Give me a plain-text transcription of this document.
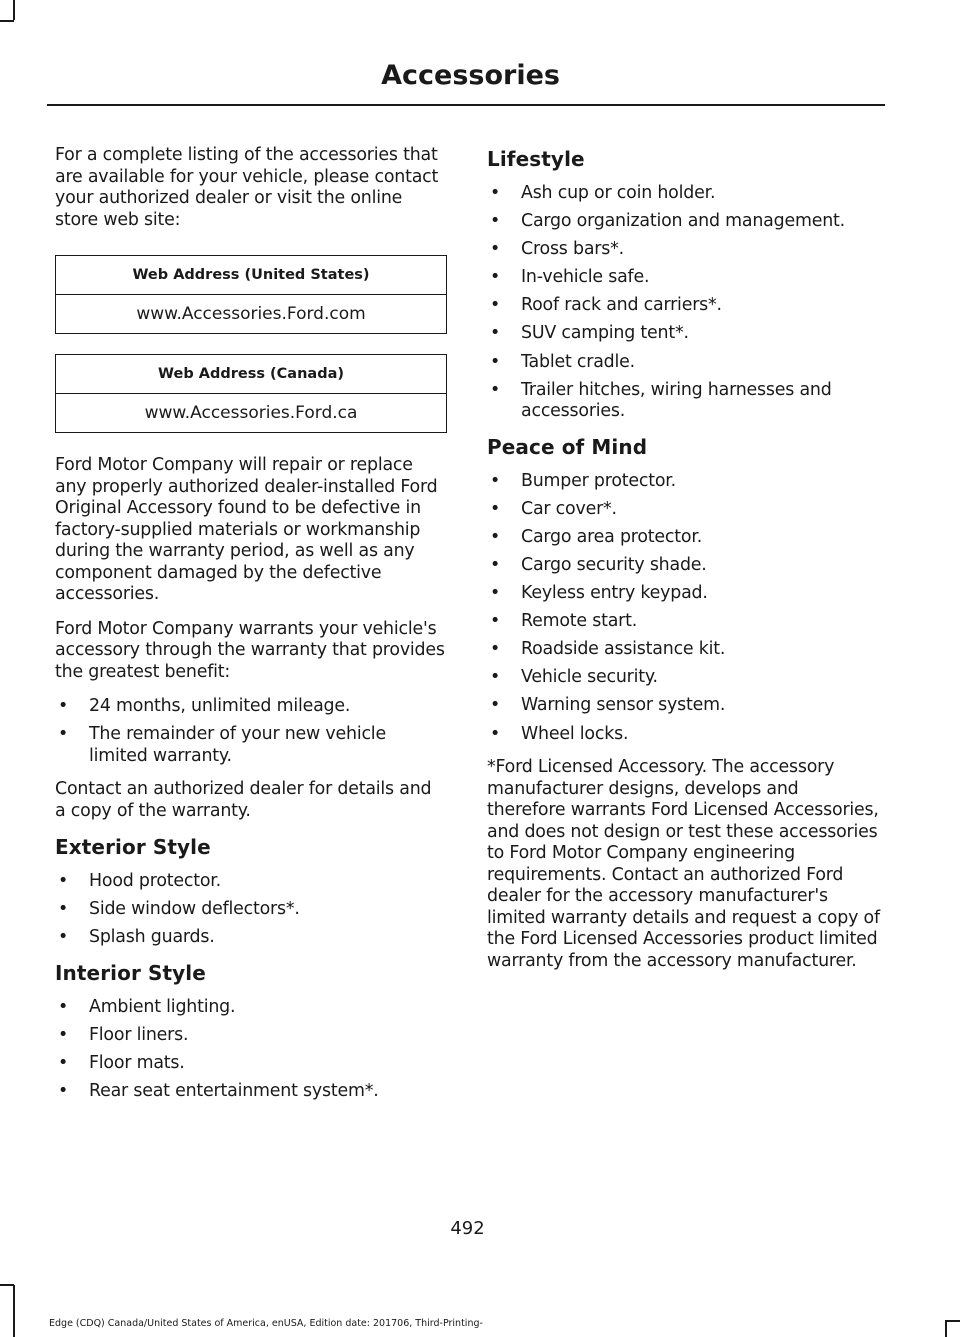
Accessories

For a complete listing of the accessories that are available for your vehicle, please contact your authorized dealer or visit the online store web site:

Web Address (United States)
www.Accessories.Ford.com
Web Address (Canada)
www.Accessories.Ford.ca

Ford Motor Company will repair or replace any properly authorized dealer-installed Ford Original Accessory found to be defective in factory-supplied materials or workmanship during the warranty period, as well as any component damaged by the defective accessories.

Ford Motor Company warrants your vehicle's accessory through the warranty that provides the greatest benefit:

• 24 months, unlimited mileage.
• The remainder of your new vehicle limited warranty.

Contact an authorized dealer for details and a copy of the warranty.

Exterior Style
• Hood protector.
• Side window deflectors*.
• Splash guards.
Interior Style
• Ambient lighting.
• Floor liners.
• Floor mats.
• Rear seat entertainment system*.
Lifestyle
• Ash cup or coin holder.
• Cargo organization and management.
• Cross bars*.
• In-vehicle safe.
• Roof rack and carriers*.
• SUV camping tent*.
• Tablet cradle.
• Trailer hitches, wiring harnesses and accessories.
Peace of Mind
• Bumper protector.
• Car cover*.
• Cargo area protector.
• Cargo security shade.
• Keyless entry keypad.
• Remote start.
• Roadside assistance kit.
• Vehicle security.
• Warning sensor system.
• Wheel locks.

*Ford Licensed Accessory. The accessory manufacturer designs, develops and therefore warrants Ford Licensed Accessories, and does not design or test these accessories to Ford Motor Company engineering requirements. Contact an authorized Ford dealer for the accessory manufacturer's limited warranty details and request a copy of the Ford Licensed Accessories product limited warranty from the accessory manufacturer.

492
Edge (CDQ) Canada/United States of America, enUSA, Edition date: 201706, Third-Printing-
